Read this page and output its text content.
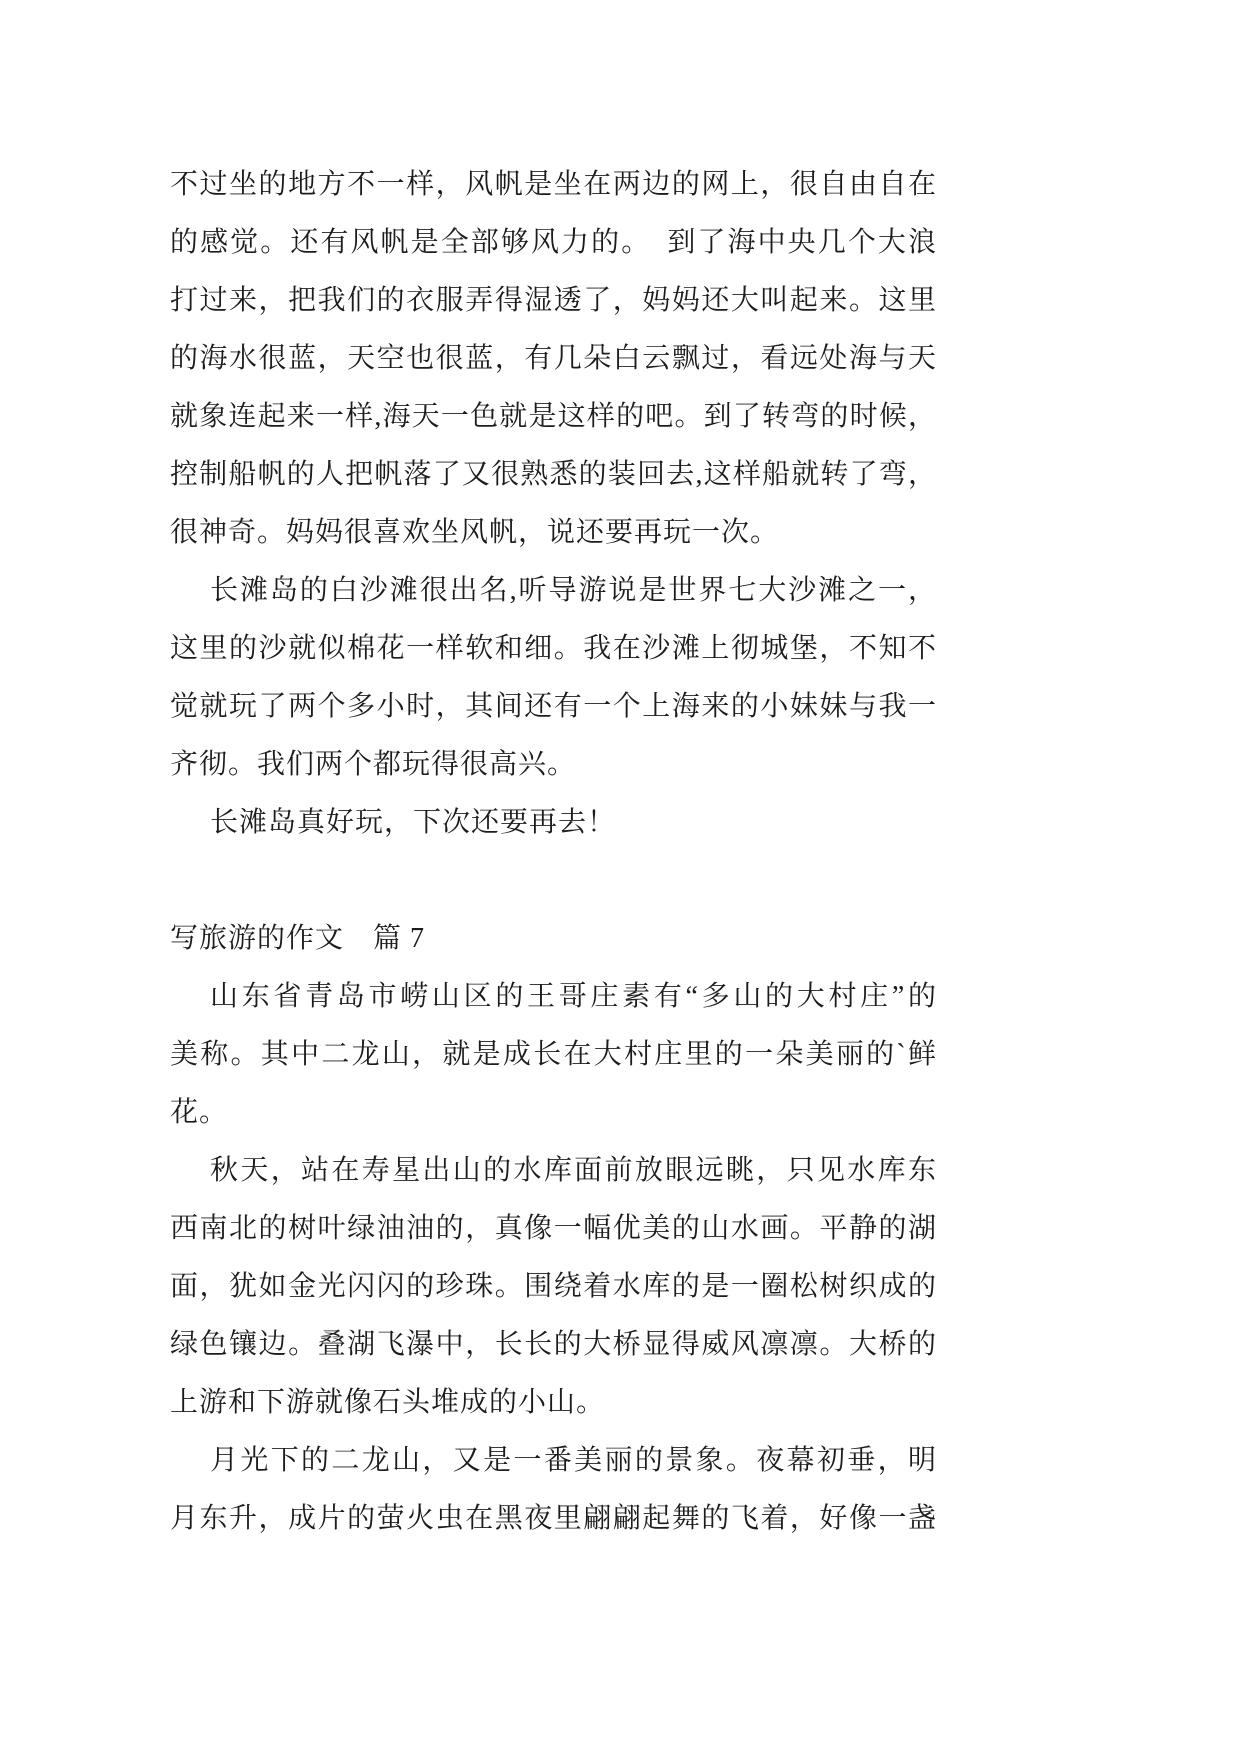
不过坐的地方不一样，风帆是坐在两边的网上，很自由自在
的感觉。还有风帆是全部够风力的。　到了海中央几个大浪
打过来，把我们的衣服弄得湿透了，妈妈还大叫起来。这里
的海水很蓝，天空也很蓝，有几朵白云飘过，看远处海与天
就象连起来一样,海天一色就是这样的吧。到了转弯的时候，
控制船帆的人把帆落了又很熟悉的装回去,这样船就转了弯，
很神奇。妈妈很喜欢坐风帆，说还要再玩一次。
长滩岛的白沙滩很出名,听导游说是世界七大沙滩之一，
这里的沙就似棉花一样软和细。我在沙滩上彻城堡，不知不
觉就玩了两个多小时，其间还有一个上海来的小妹妹与我一
齐彻。我们两个都玩得很高兴。
长滩岛真好玩，下次还要再去！
写旅游的作文　篇 7
山东省青岛市崂山区的王哥庄素有“多山的大村庄”的
美称。其中二龙山，就是成长在大村庄里的一朵美丽的`鲜
花。
秋天，站在寿星出山的水库面前放眼远眺，只见水库东
西南北的树叶绿油油的，真像一幅优美的山水画。平静的湖
面，犹如金光闪闪的珍珠。围绕着水库的是一圈松树织成的
绿色镶边。叠湖飞瀑中，长长的大桥显得威风凛凛。大桥的
上游和下游就像石头堆成的小山。
月光下的二龙山，又是一番美丽的景象。夜幕初垂，明
月东升，成片的萤火虫在黑夜里翩翩起舞的飞着，好像一盏
